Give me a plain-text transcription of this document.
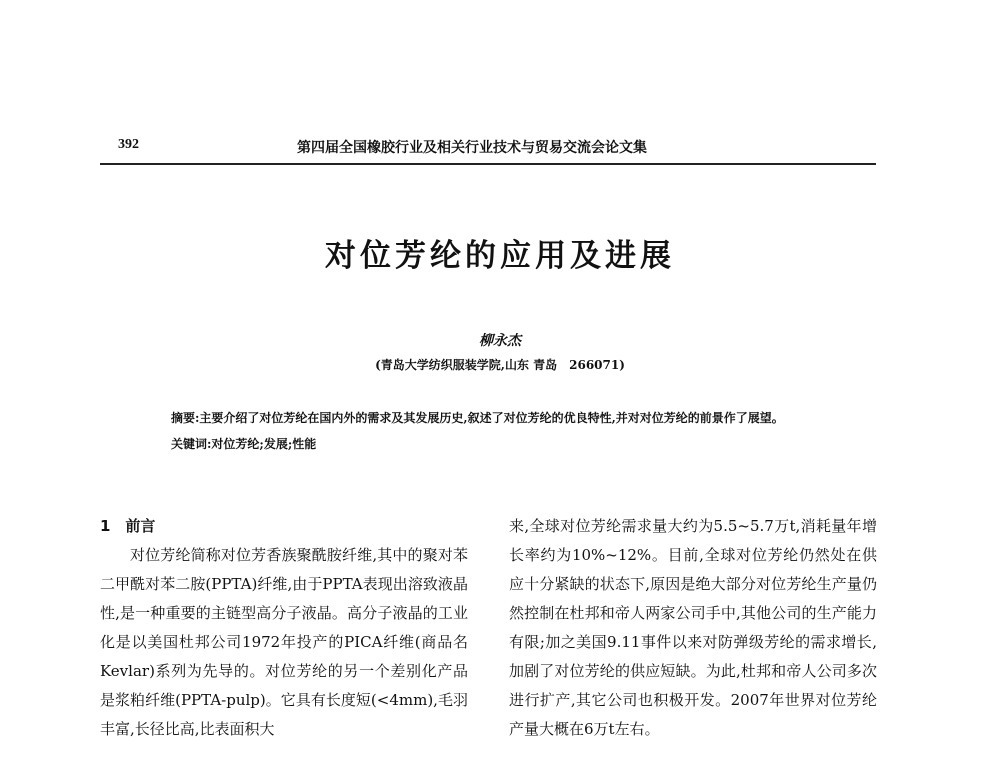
392	第四届全国橡胶行业及相关行业技术与贸易交流会论文集
对位芳纶的应用及进展
柳永杰
(青岛大学纺织服装学院,山东 青岛　266071)

摘要:主要介绍了对位芳纶在国内外的需求及其发展历史,叙述了对位芳纶的优良特性,并对对位芳纶的前景作了展望。

关键词:对位芳纶;发展;性能

1　前言

对位芳纶简称对位芳香族聚酰胺纤维,其中的聚对苯二甲酰对苯二胺(PPTA)纤维,由于PPTA表现出溶致液晶性,是一种重要的主链型高分子液晶。高分子液晶的工业化是以美国杜邦公司1972年投产的PICA纤维(商品名Kevlar)系列为先导的。对位芳纶的另一个差别化产品是浆粕纤维(PPTA-pulp)。它具有长度短(<4mm),毛羽丰富,长径比高,比表面积大

来,全球对位芳纶需求量大约为5.5~5.7万t,消耗量年增长率约为10%~12%。目前,全球对位芳纶仍然处在供应十分紧缺的状态下,原因是绝大部分对位芳纶生产量仍然控制在杜邦和帝人两家公司手中,其他公司的生产能力有限;加之美国9.11事件以来对防弹级芳纶的需求增长,加剧了对位芳纶的供应短缺。为此,杜邦和帝人公司多次进行扩产,其它公司也积极开发。2007年世界对位芳纶产量大概在6万t左右。
